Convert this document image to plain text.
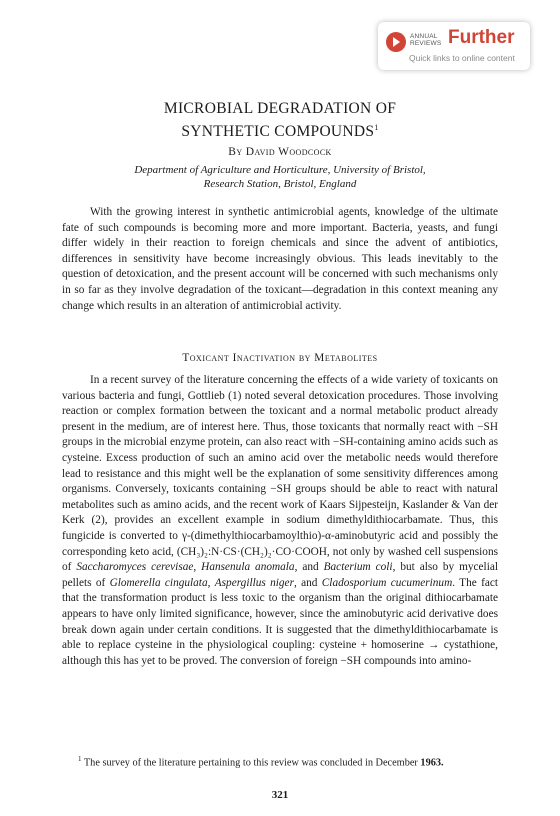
ANNUAL
REVIEWS Further
Quick links to online content
MICROBIAL DEGRADATION OF
SYNTHETIC COMPOUNDS$^1$
By David Woodcock
Department of Agriculture and Horticulture, University of Bristol,
Research Station, Bristol, England

With the growing interest in synthetic antimicrobial agents, knowledge of the ultimate fate of such compounds is becoming more and more important. Bacteria, yeasts, and fungi differ widely in their reaction to foreign chemicals and since the advent of antibiotics, differences in sensitivity have become increasingly obvious. This leads inevitably to the question of detoxication, and the present account will be concerned with such mechanisms only in so far as they involve degradation of the toxicant—degradation in this context meaning any change which results in an alteration of antimicrobial activity.

Toxicant Inactivation by Metabolites

In a recent survey of the literature concerning the effects of a wide variety of toxicants on various bacteria and fungi, Gottlieb (1) noted several detoxication procedures. Those involving reaction or complex formation between the toxicant and a normal metabolic product already present in the medium, are of interest here. Thus, those toxicants that normally react with −SH groups in the microbial enzyme protein, can also react with −SH-containing amino acids such as cysteine. Excess production of such an amino acid over the metabolic needs would therefore lead to resistance and this might well be the explanation of some sensitivity differences among organisms. Conversely, toxicants containing −SH groups should be able to react with natural metabolites such as amino acids, and the recent work of Kaars Sijpesteijn, Kaslander & Van der Kerk (2), provides an excellent example in sodium dimethyldithiocarbamate. Thus, this fungicide is converted to γ-(dimethylthiocarbamoylthio)-α-aminobutyric acid and possibly the corresponding keto acid, (CH₃)₂:N·CS·(CH₂)₂·CO·COOH, not only by washed cell suspensions of Saccharomyces cerevisae, Hansenula anomala, and Bacterium coli, but also by mycelial pellets of Glomerella cingulata, Aspergillus niger, and Cladosporium cucumerinum. The fact that the transformation product is less toxic to the organism than the original dithiocarbamate appears to have only limited significance, however, since the aminobutyric acid derivative does break down again under certain conditions. It is suggested that the dimethyldithiocarbamate is able to replace cysteine in the physiological coupling: cysteine + homoserine → cystathione, although this has yet to be proved. The conversion of foreign −SH compounds into amino-

$^1$ The survey of the literature pertaining to this review was concluded in December 1963.

321
